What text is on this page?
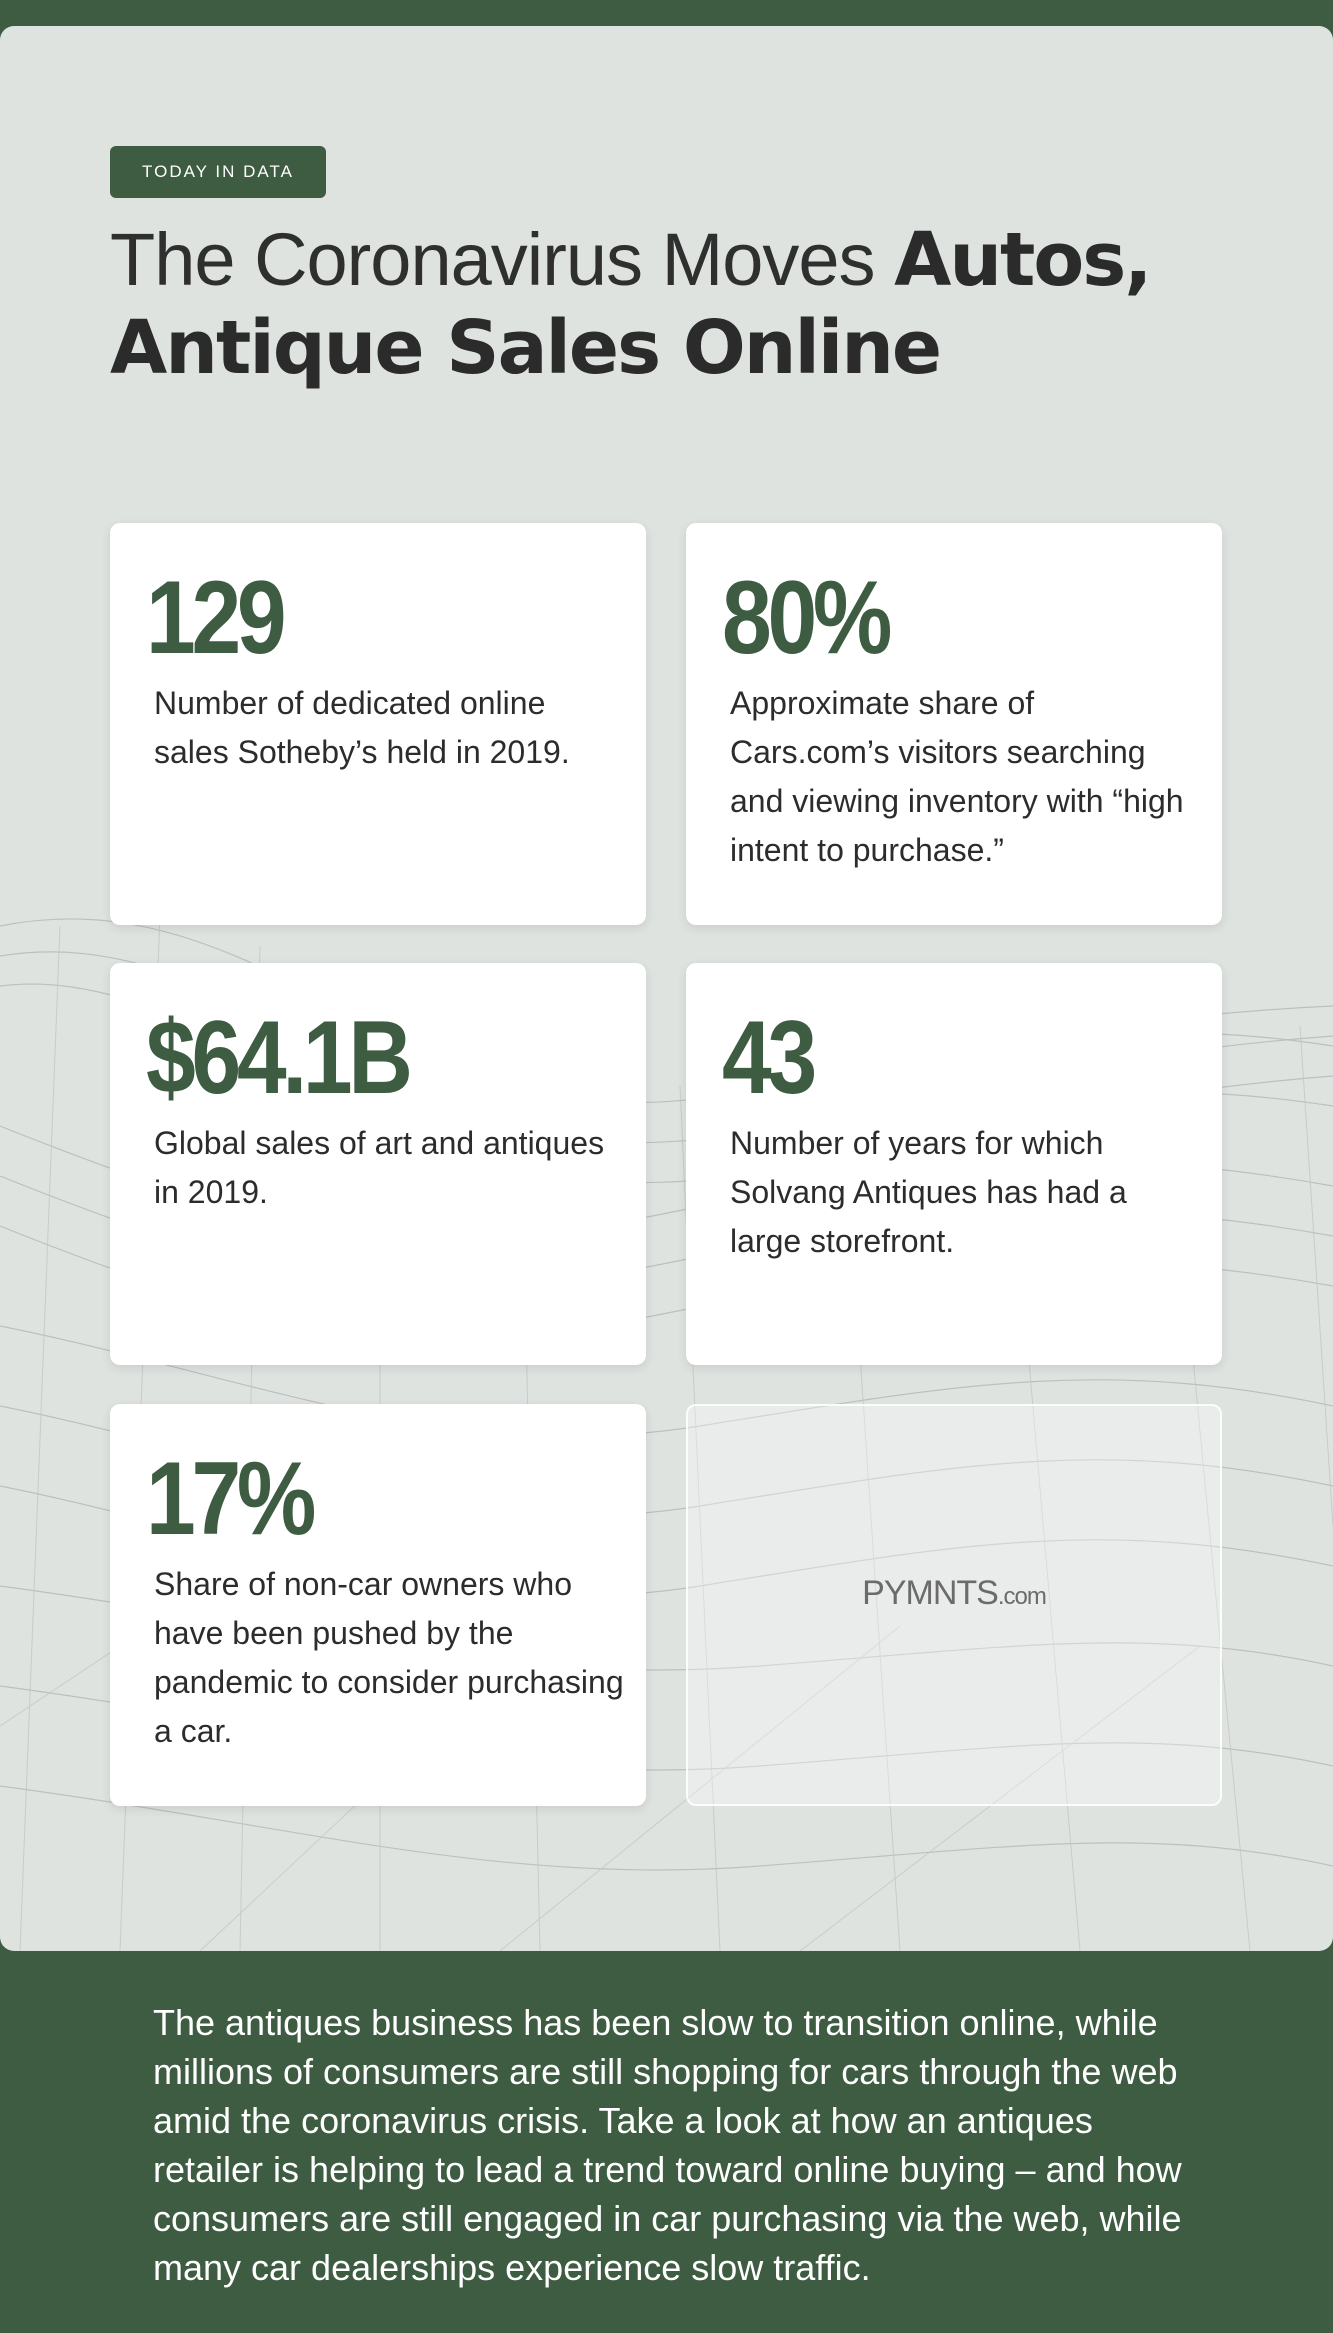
TODAY IN DATA
The Coronavirus Moves Autos,
Antique Sales Online
129
Number of dedicated online sales Sotheby’s held in 2019.
80%
Approximate share of Cars.com’s visitors searching and viewing inventory with “high intent to purchase.”
$64.1B
Global sales of art and antiques in 2019.
43
Number of years for which Solvang Antiques has had a large storefront.
17%
Share of non-car owners who have been pushed by the pandemic to consider purchasing a car.
PYMNTS.com
The antiques business has been slow to transition online, while millions of consumers are still shopping for cars through the web amid the coronavirus crisis. Take a look at how an antiques retailer is helping to lead a trend toward online buying – and how consumers are still engaged in car purchasing via the web, while many car dealerships experience slow traffic.
